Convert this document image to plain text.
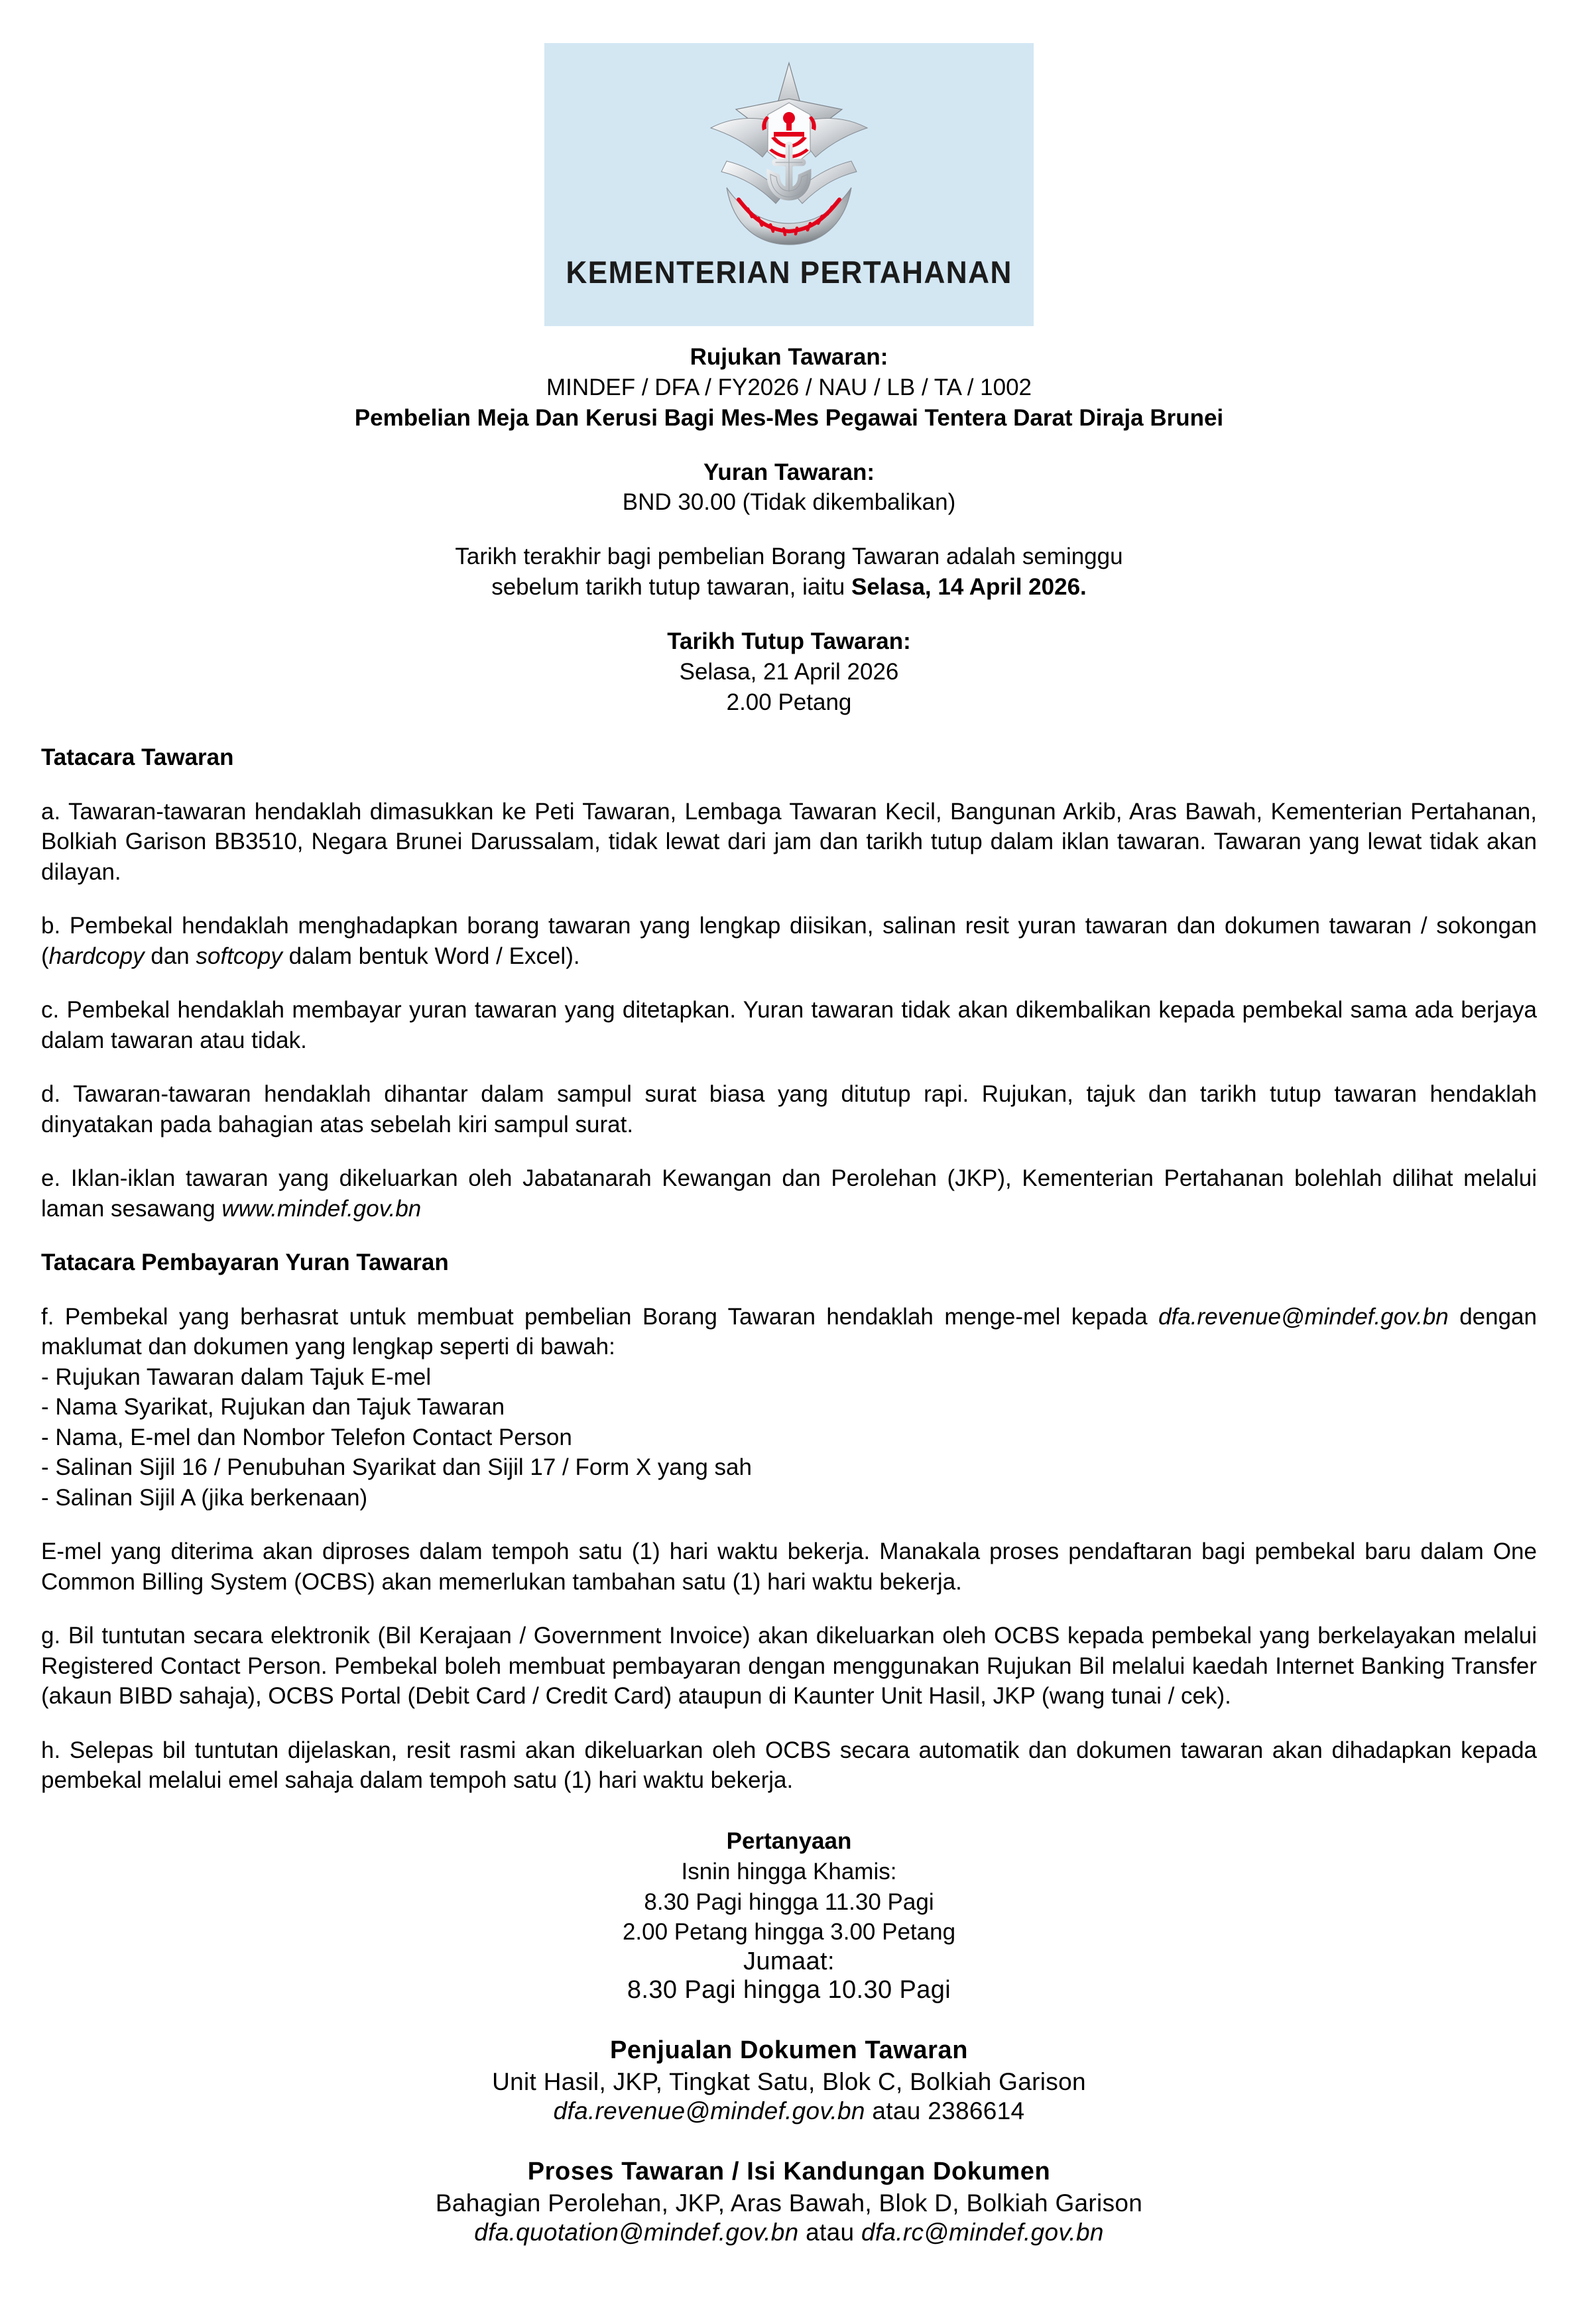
KEMENTERIAN PERTAHANAN
Rujukan Tawaran:
MINDEF / DFA / FY2026 / NAU / LB / TA / 1002
Pembelian Meja Dan Kerusi Bagi Mes-Mes Pegawai Tentera Darat Diraja Brunei
Yuran Tawaran:
BND 30.00 (Tidak dikembalikan)
Tarikh terakhir bagi pembelian Borang Tawaran adalah seminggu
sebelum tarikh tutup tawaran, iaitu Selasa, 14 April 2026.
Tarikh Tutup Tawaran:
Selasa, 21 April 2026
2.00 Petang
Tatacara Tawaran

a. Tawaran-tawaran hendaklah dimasukkan ke Peti Tawaran, Lembaga Tawaran Kecil, Bangunan Arkib, Aras Bawah, Kementerian Pertahanan, Bolkiah Garison BB3510, Negara Brunei Darussalam, tidak lewat dari jam dan tarikh tutup dalam iklan tawaran. Tawaran yang lewat tidak akan dilayan.

b. Pembekal hendaklah menghadapkan borang tawaran yang lengkap diisikan, salinan resit yuran tawaran dan dokumen tawaran / sokongan (hardcopy dan softcopy dalam bentuk Word / Excel).

c. Pembekal hendaklah membayar yuran tawaran yang ditetapkan. Yuran tawaran tidak akan dikembalikan kepada pembekal sama ada berjaya dalam tawaran atau tidak.

d. Tawaran-tawaran hendaklah dihantar dalam sampul surat biasa yang ditutup rapi. Rujukan, tajuk dan tarikh tutup tawaran hendaklah dinyatakan pada bahagian atas sebelah kiri sampul surat.

e. Iklan-iklan tawaran yang dikeluarkan oleh Jabatanarah Kewangan dan Perolehan (JKP), Kementerian Pertahanan bolehlah dilihat melalui laman sesawang www.mindef.gov.bn

Tatacara Pembayaran Yuran Tawaran

f. Pembekal yang berhasrat untuk membuat pembelian Borang Tawaran hendaklah menge-mel kepada dfa.revenue@mindef.gov.bn dengan maklumat dan dokumen yang lengkap seperti di bawah:

- Rujukan Tawaran dalam Tajuk E-mel
- Nama Syarikat, Rujukan dan Tajuk Tawaran
- Nama, E-mel dan Nombor Telefon Contact Person
- Salinan Sijil 16 / Penubuhan Syarikat dan Sijil 17 / Form X yang sah
- Salinan Sijil A (jika berkenaan)

E-mel yang diterima akan diproses dalam tempoh satu (1) hari waktu bekerja. Manakala proses pendaftaran bagi pembekal baru dalam One Common Billing System (OCBS) akan memerlukan tambahan satu (1) hari waktu bekerja.

g. Bil tuntutan secara elektronik (Bil Kerajaan / Government Invoice) akan dikeluarkan oleh OCBS kepada pembekal yang berkelayakan melalui Registered Contact Person. Pembekal boleh membuat pembayaran dengan menggunakan Rujukan Bil melalui kaedah Internet Banking Transfer (akaun BIBD sahaja), OCBS Portal (Debit Card / Credit Card) ataupun di Kaunter Unit Hasil, JKP (wang tunai / cek).

h. Selepas bil tuntutan dijelaskan, resit rasmi akan dikeluarkan oleh OCBS secara automatik dan dokumen tawaran akan dihadapkan kepada pembekal melalui emel sahaja dalam tempoh satu (1) hari waktu bekerja.

Pertanyaan
Isnin hingga Khamis:
8.30 Pagi hingga 11.30 Pagi
2.00 Petang hingga 3.00 Petang
Jumaat:
8.30 Pagi hingga 10.30 Pagi
Penjualan Dokumen Tawaran
Unit Hasil, JKP, Tingkat Satu, Blok C, Bolkiah Garison
dfa.revenue@mindef.gov.bn atau 2386614
Proses Tawaran / Isi Kandungan Dokumen
Bahagian Perolehan, JKP, Aras Bawah, Blok D, Bolkiah Garison
dfa.quotation@mindef.gov.bn atau dfa.rc@mindef.gov.bn
